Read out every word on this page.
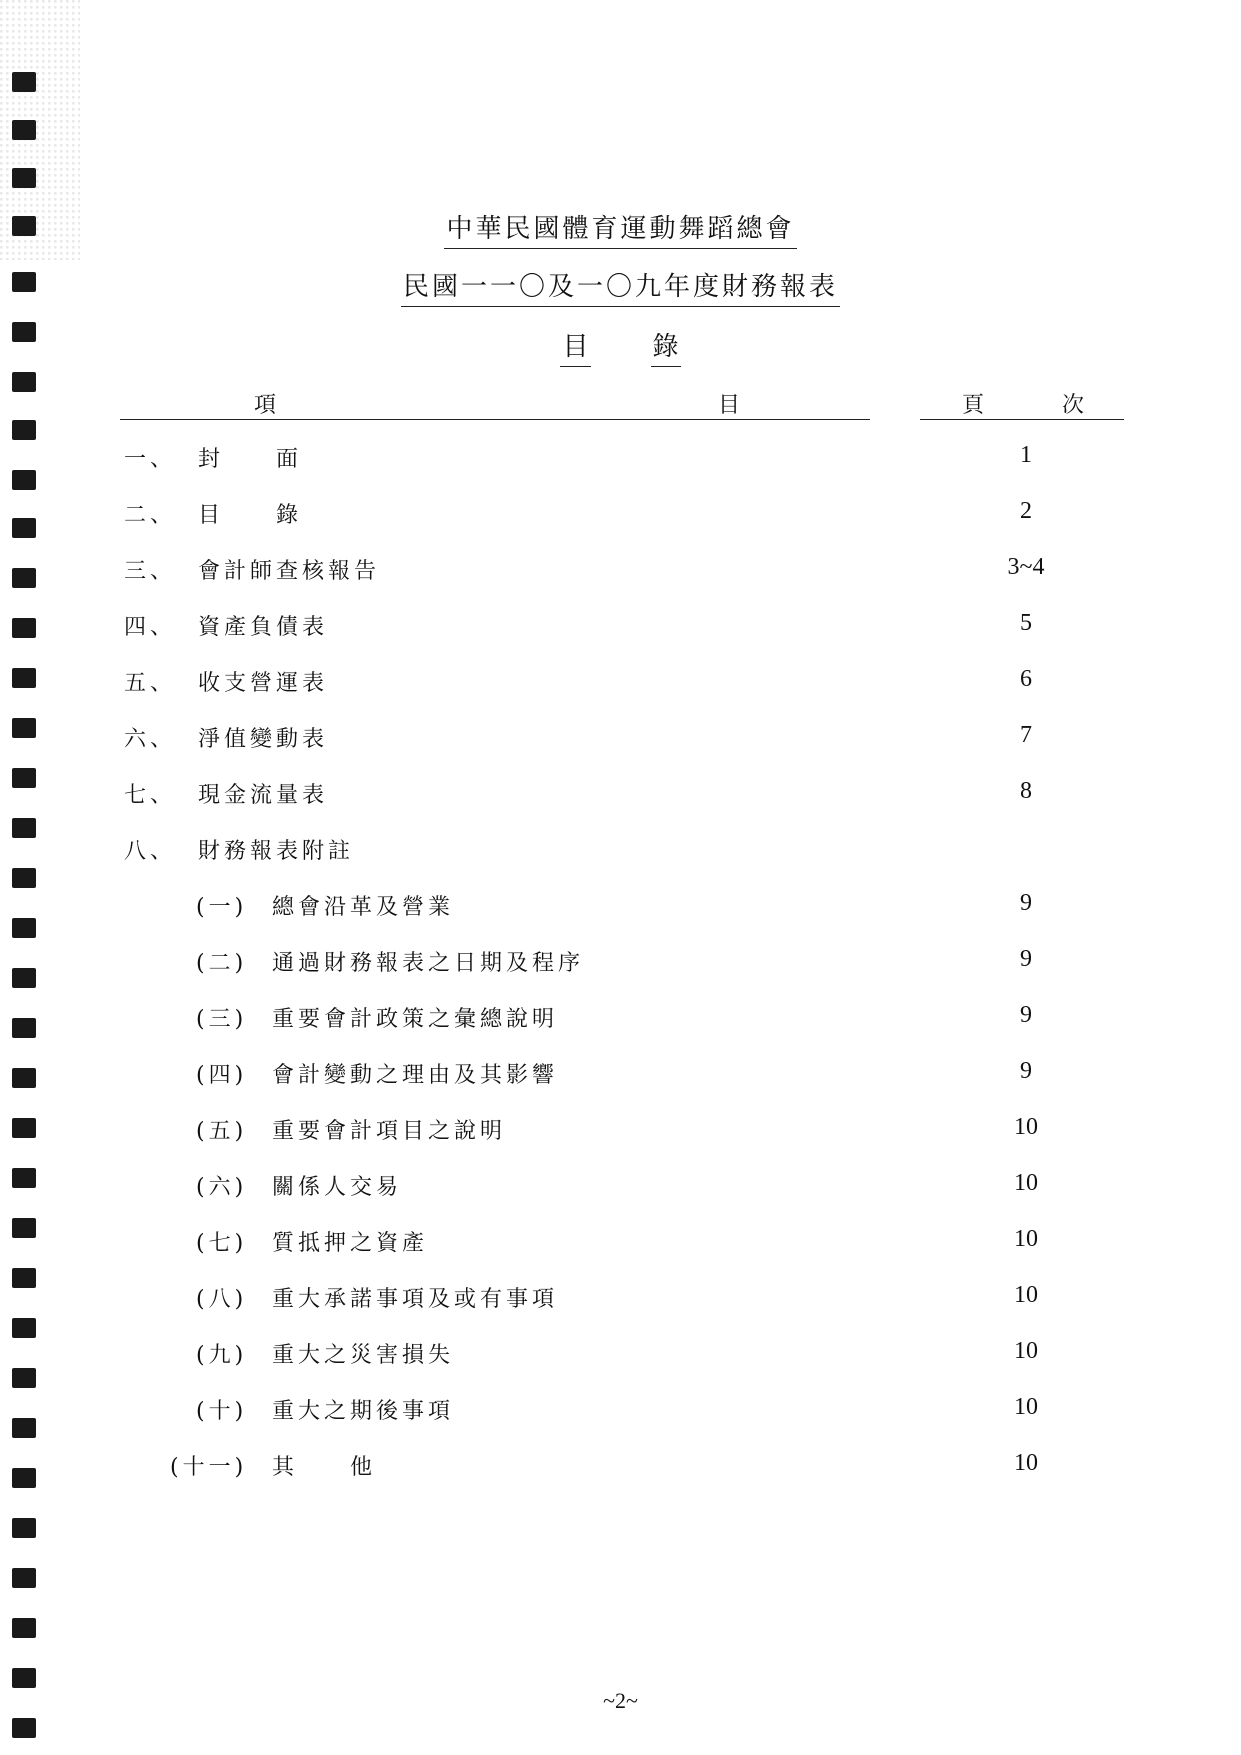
中華民國體育運動舞蹈總會
民國一一〇及一〇九年度財務報表
目 錄
項	目	頁	次
一、 封　　面	1
二、 目　　錄	2
三、 會計師查核報告	3~4
四、 資產負債表	5
五、 收支營運表	6
六、 淨值變動表	7
七、 現金流量表	8
八、 財務報表附註
(一) 總會沿革及營業	9
(二) 通過財務報表之日期及程序	9
(三) 重要會計政策之彙總說明	9
(四) 會計變動之理由及其影響	9
(五) 重要會計項目之說明	10
(六) 關係人交易	10
(七) 質抵押之資產	10
(八) 重大承諾事項及或有事項	10
(九) 重大之災害損失	10
(十) 重大之期後事項	10
(十一) 其　　他	10
~2~
